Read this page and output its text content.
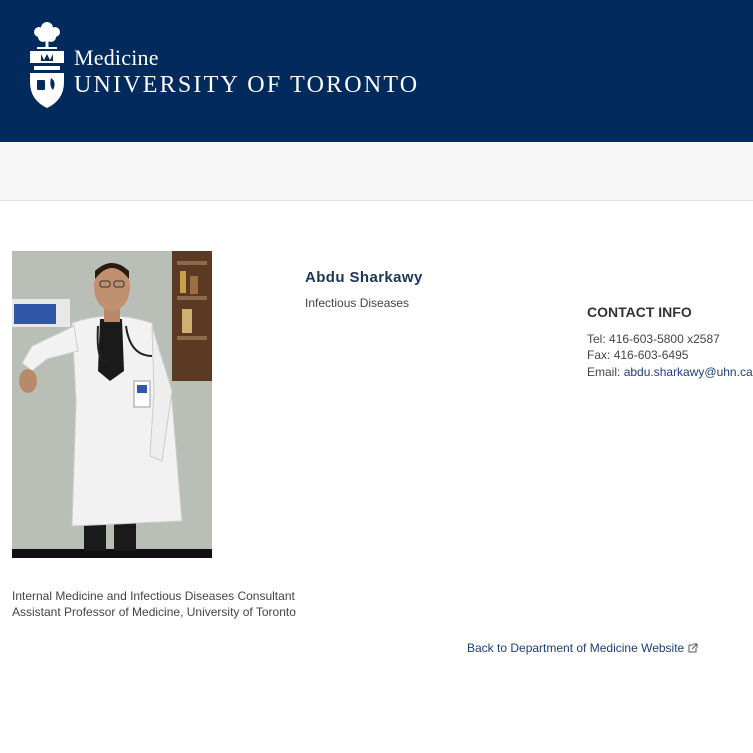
Medicine
UNIVERSITY OF TORONTO
Abdu Sharkawy
Infectious Diseases
CONTACT INFO
Tel: 416-603-5800 x2587
Fax: 416-603-6495
Email: abdu.sharkawy@uhn.ca
Internal Medicine and Infectious Diseases Consultant
Assistant Professor of Medicine, University of Toronto
Back to Department of Medicine Website
